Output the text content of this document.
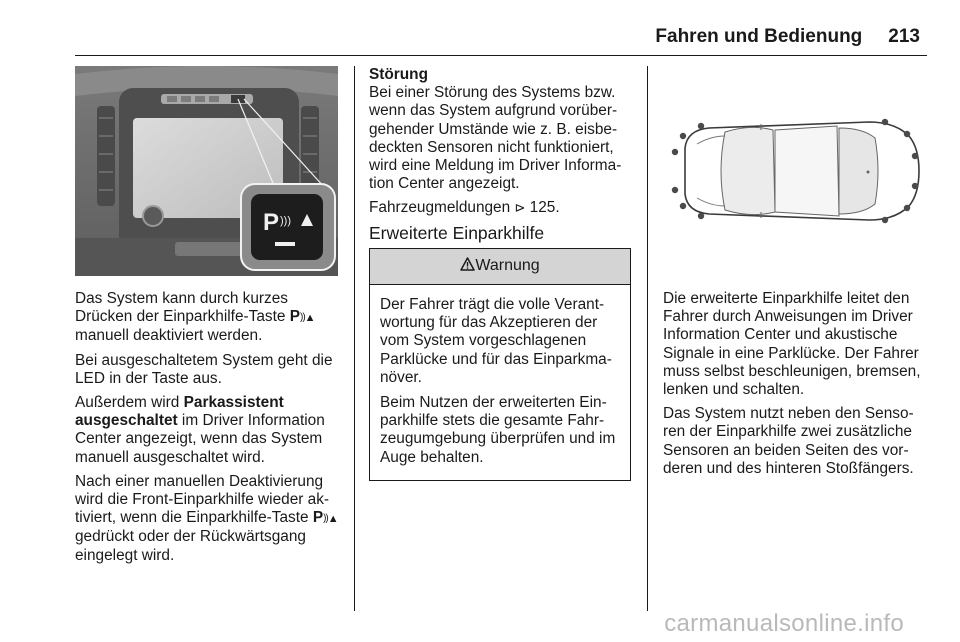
Fahren und Bedienung 213
P )))

Das System kann durch kurzes Drücken der Einparkhilfe-Taste P))▲ manuell deaktiviert werden.

Bei ausgeschaltetem System geht die LED in der Taste aus.

Außerdem wird Parkassistent ausgeschaltet im Driver Information Center angezeigt, wenn das System manuell ausgeschaltet wird.

Nach einer manuellen Deaktivierung wird die Front-Einparkhilfe wieder aktiviert, wenn die Einparkhilfe-Taste P))▲ gedrückt oder der Rückwärtsgang eingelegt wird.

Störung

Bei einer Störung des Systems bzw. wenn das System aufgrund vorübergehender Umstände wie z. B. eisbedeckten Sensoren nicht funktioniert, wird eine Meldung im Driver Information Center angezeigt.

Fahrzeugmeldungen ⊳ 125.

Erweiterte Einparkhilfe

Warnung

Der Fahrer trägt die volle Verantwortung für das Akzeptieren der vom System vorgeschlagenen Parklücke und für das Einparkmanöver.

Beim Nutzen der erweiterten Einparkhilfe stets die gesamte Fahrzeugumgebung überprüfen und im Auge behalten.

Die erweiterte Einparkhilfe leitet den Fahrer durch Anweisungen im Driver Information Center und akustische Signale in eine Parklücke. Der Fahrer muss selbst beschleunigen, bremsen, lenken und schalten.

Das System nutzt neben den Sensoren der Einparkhilfe zwei zusätzliche Sensoren an beiden Seiten des vorderen und des hinteren Stoßfängers.

carmanualsonline.info
